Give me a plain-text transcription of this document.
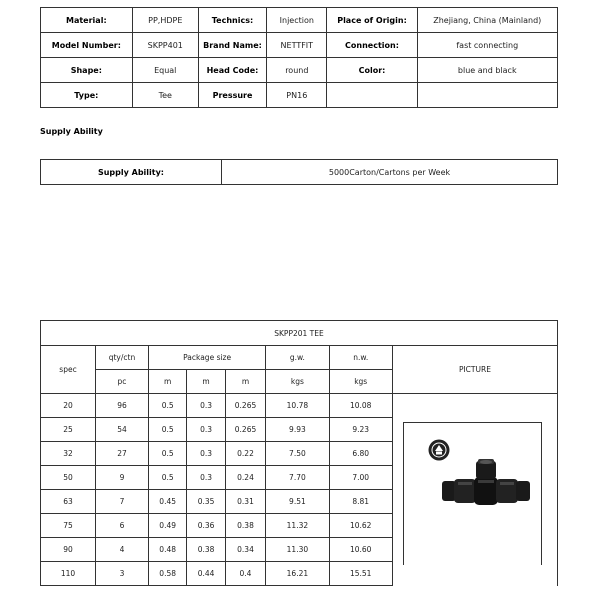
Material:	PP,HDPE	Technics:	Injection	Place of Origin:	Zhejiang, China (Mainland)
Model Number:	SKPP401	Brand Name:	NETTFIT	Connection:	fast connecting
Shape:	Equal	Head Code:	round	Color:	blue and black
Type:	Tee	Pressure	PN16		
Supply Ability
Supply Ability:	5000Carton/Cartons per Week
SKPP201 TEE							
spec	qty/ctn	Package size			g.w.	n.w.	PICTURE
	pc	m	m	m	kgs	kgs	
20	96	0.5	0.3	0.265	10.78	10.08	

25	54	0.5	0.3	0.265	9.93	9.23	
32	27	0.5	0.3	0.22	7.50	6.80	
50	9	0.5	0.3	0.24	7.70	7.00	
63	7	0.45	0.35	0.31	9.51	8.81	
75	6	0.49	0.36	0.38	11.32	10.62	
90	4	0.48	0.38	0.34	11.30	10.60	
110	3	0.58	0.44	0.4	16.21	15.51	
